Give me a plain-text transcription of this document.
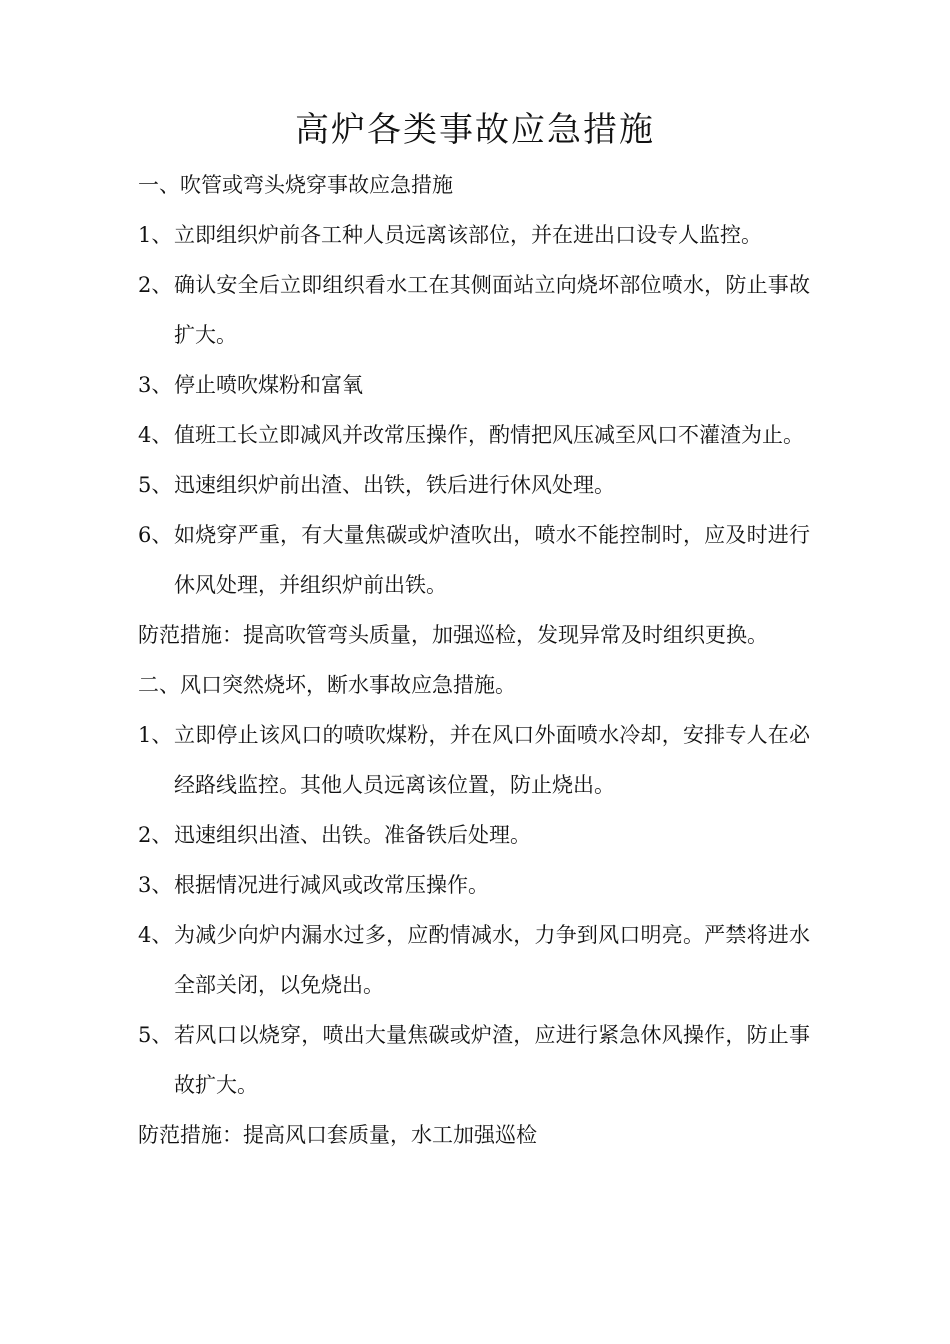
高炉各类事故应急措施

一、吹管或弯头烧穿事故应急措施

1、 立即组织炉前各工种人员远离该部位，并在进出口设专人监控。
2、 确认安全后立即组织看水工在其侧面站立向烧坏部位喷水，防止事故扩大。
3、 停止喷吹煤粉和富氧
4、 值班工长立即减风并改常压操作，酌情把风压减至风口不灌渣为止。
5、 迅速组织炉前出渣、出铁，铁后进行休风处理。
6、 如烧穿严重，有大量焦碳或炉渣吹出，喷水不能控制时，应及时进行休风处理，并组织炉前出铁。

防范措施：提高吹管弯头质量，加强巡检，发现异常及时组织更换。

二、风口突然烧坏，断水事故应急措施。

1、 立即停止该风口的喷吹煤粉，并在风口外面喷水冷却，安排专人在必经路线监控。其他人员远离该位置，防止烧出。
2、 迅速组织出渣、出铁。准备铁后处理。
3、 根据情况进行减风或改常压操作。
4、 为减少向炉内漏水过多，应酌情减水，力争到风口明亮。严禁将进水全部关闭，以免烧出。
5、 若风口以烧穿，喷出大量焦碳或炉渣，应进行紧急休风操作，防止事故扩大。

防范措施：提高风口套质量，水工加强巡检
